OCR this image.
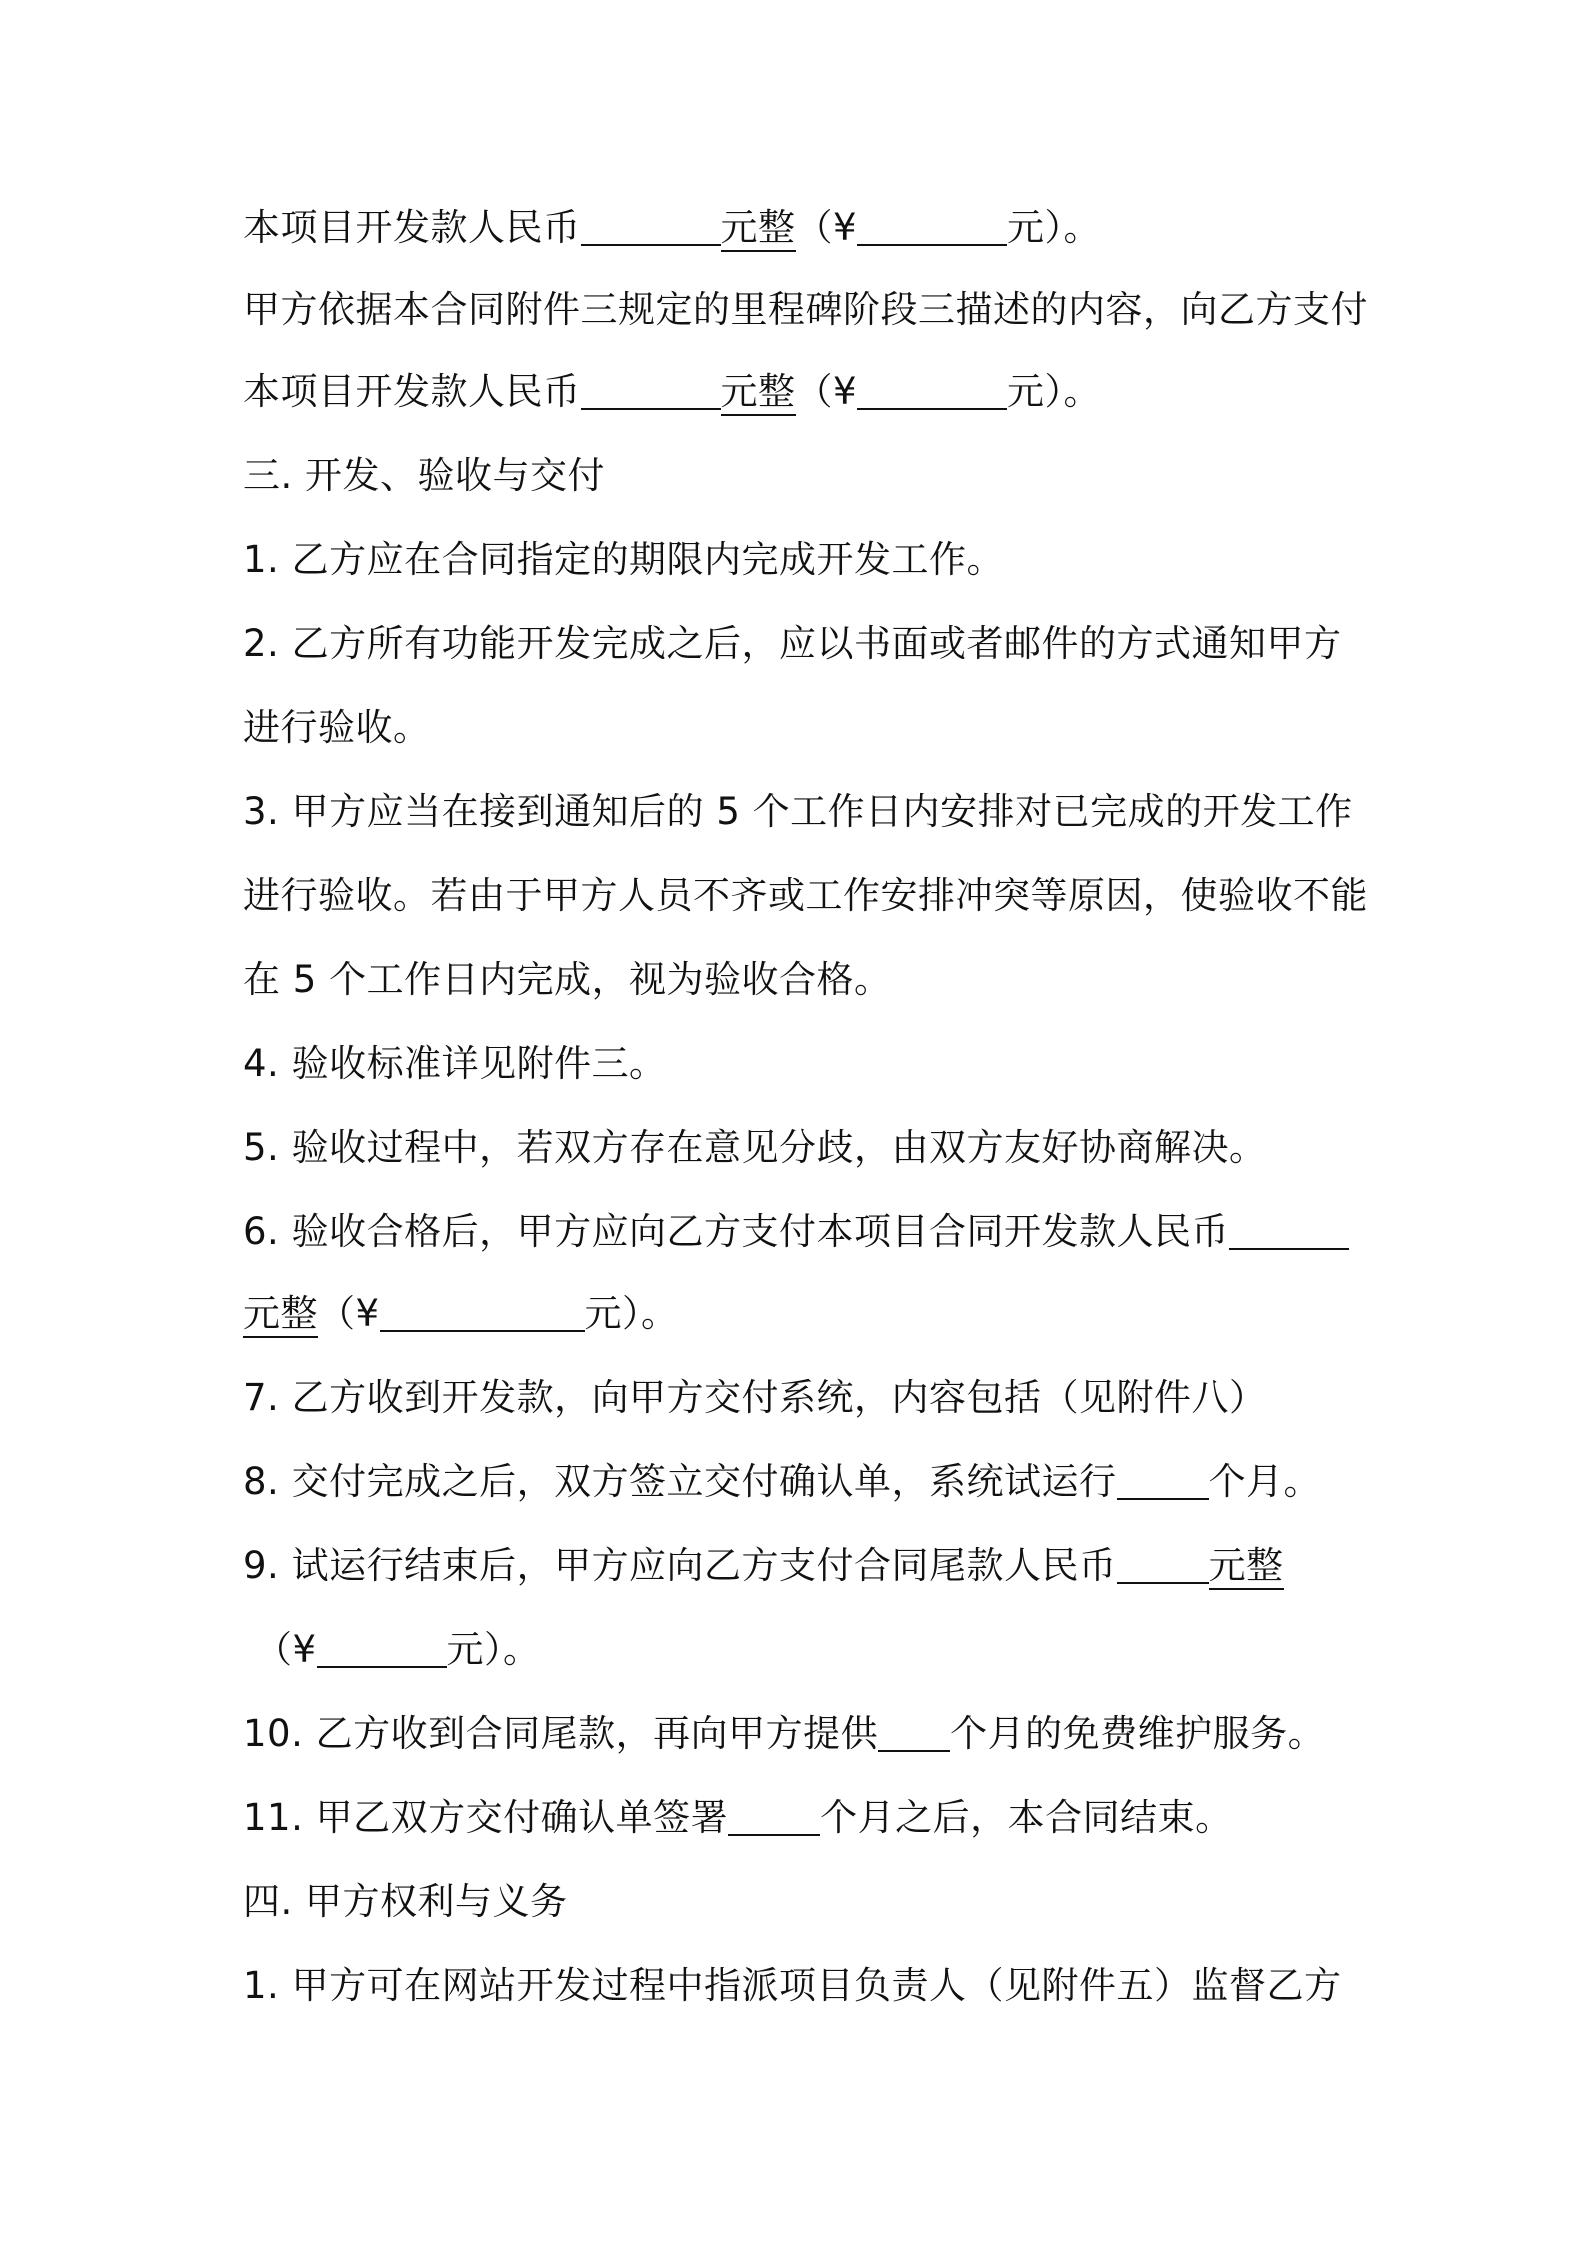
本项目开发款人民币	元整（¥	元）。
甲方依据本合同附件三规定的里程碑阶段三描述的内容，向乙方支付
本项目开发款人民币	元整（¥	元）。
三. 开发、验收与交付
1. 乙方应在合同指定的期限内完成开发工作。
2. 乙方所有功能开发完成之后，应以书面或者邮件的方式通知甲方
进行验收。
3. 甲方应当在接到通知后的 5 个工作日内安排对已完成的开发工作
进行验收。若由于甲方人员不齐或工作安排冲突等原因，使验收不能
在 5 个工作日内完成，视为验收合格。
4. 验收标准详见附件三。
5. 验收过程中，若双方存在意见分歧，由双方友好协商解决。
6. 验收合格后，甲方应向乙方支付本项目合同开发款人民币
元整（¥	元）。
7. 乙方收到开发款，向甲方交付系统，内容包括（见附件八）
8. 交付完成之后，双方签立交付确认单，系统试运行 个月。
9. 试运行结束后，甲方应向乙方支付合同尾款人民币 元整
（¥	元）。
10. 乙方收到合同尾款，再向甲方提供 个月的免费维护服务。
11. 甲乙双方交付确认单签署 个月之后，本合同结束。
四. 甲方权利与义务
1. 甲方可在网站开发过程中指派项目负责人（见附件五）监督乙方
